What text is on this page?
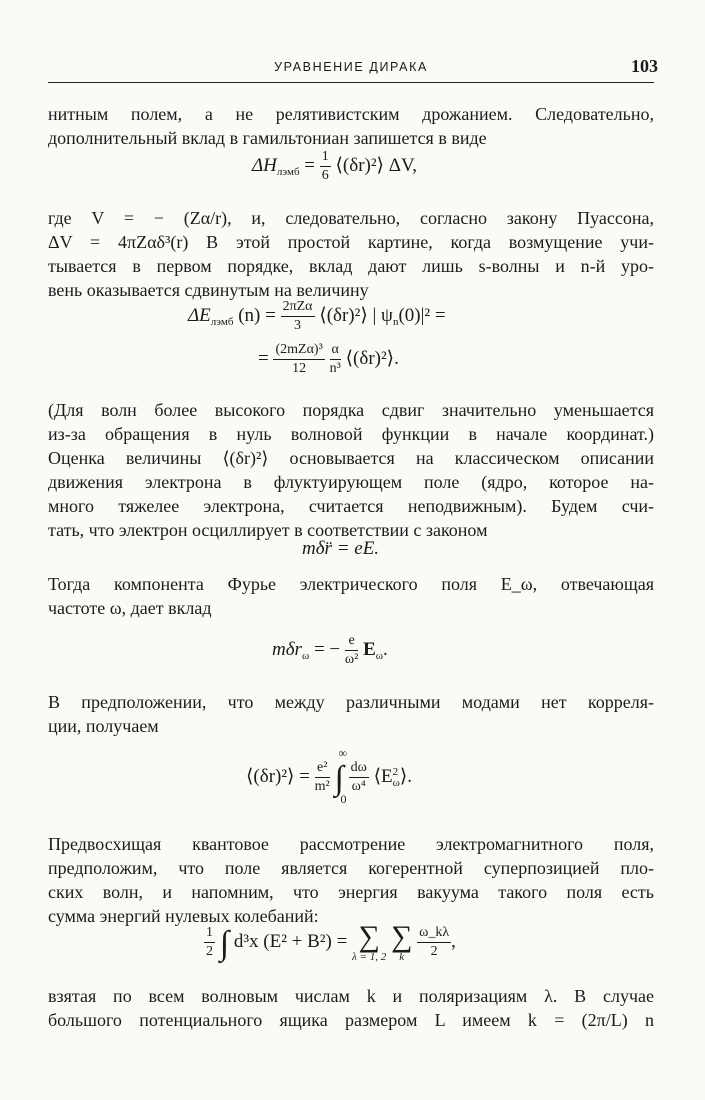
УРАВНЕНИЕ ДИРАКА	103
нитным полем, а не релятивистским дрожанием. Следовательно,
дополнительный вклад в гамильтониан запишется в виде
$\Delta H_{лэмб} = \frac{1}{6}$ ⟨(δr)²⟩ ΔV,
где V = − (Zα/r), и, следовательно, согласно закону Пуассона,
ΔV = 4πZαδ³(r) В этой простой картине, когда возмущение учи-
тывается в первом порядке, вклад дают лишь s-волны и n-й уро-
вень оказывается сдвинутым на величину
$\Delta E_{лэмб}$ $(n) = \frac{\text{2πZα}}{3}$ ⟨(δr)²⟩ | $\psi_n(0)|^2$ =
= $\frac{\text{(2mZα)³}}{12}$
$\frac{\alpha}{\text{n³}}$ ⟨(δr)²⟩.
(Для волн более высокого порядка сдвиг значительно уменьшается
из-за обращения в нуль волновой функции в начале координат.)
Оценка величины ⟨(δr)²⟩ основывается на классическом описании
движения электрона в флуктуирующем поле (ядро, которое на-
много тяжелее электрона, считается неподвижным). Будем счи-
тать, что электрон осциллирует в соответствии с законом
mδr̈ = eE.
Тогда компонента Фурье электрического поля E_ω, отвечающая
частоте ω, дает вклад
mδr$_\omega$ = − $\frac{e}{\text{ω²}} E_\omega$.
В предположении, что между различными модами нет корреля-
ции, получаем
⟨(δr)²⟩ = $\frac{\text{e²}}{\text{m²}}$ ∫
∞
0

$\frac{d\omega}{\text{ω⁴}}$ ⟨E 2
ω ⟩.
Предвосхищая квантовое рассмотрение электромагнитного поля,
предположим, что поле является когерентной суперпозицией пло-
ских волн, и напомним, что энергия вакуума такого поля есть
сумма энергий нулевых колебаний:
$\frac{1}{2}$ ∫ d³x (E² + B²) = ∑
λ = 1, 2

∑
k
$\frac{\omega\_k\lambda}{2}$ ,
взятая по всем волновым числам k и поляризациям λ. В случае
большого потенциального ящика размером L имеем k = (2π/L) n
